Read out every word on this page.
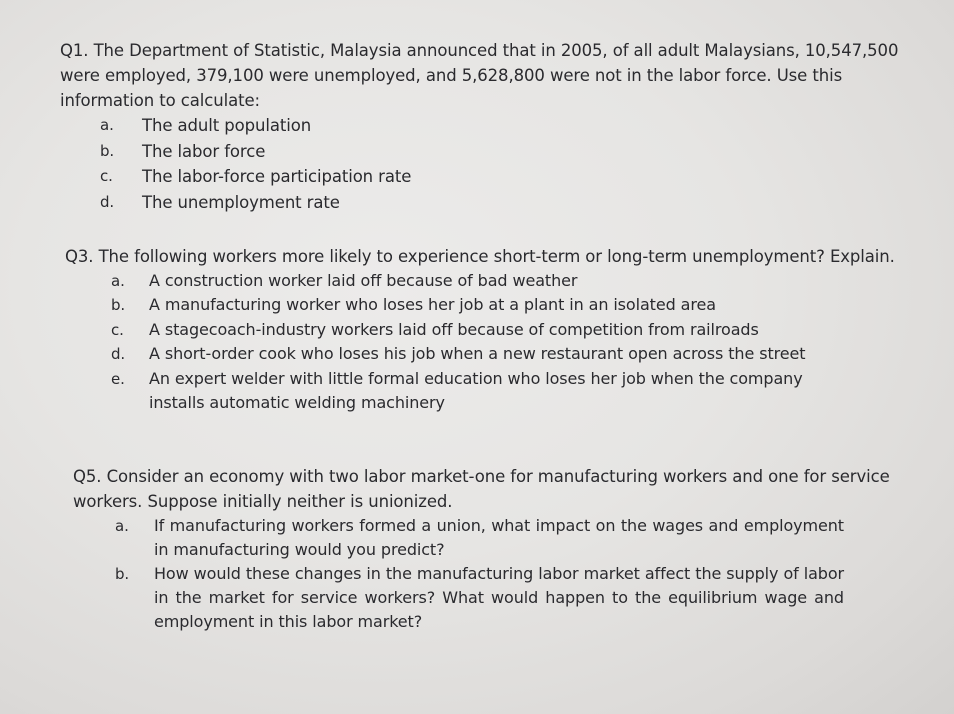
Q1. The Department of Statistic, Malaysia announced that in 2005, of all adult Malaysians, 10,547,500 were employed, 379,100 were unemployed, and 5,628,800 were not in the labor force. Use this information to calculate:

a.	The adult population
b.	The labor force
c.	The labor-force participation rate
d.	The unemployment rate

Q3. The following workers more likely to experience short-term or long-term unemployment? Explain.

a.	A construction worker laid off because of bad weather
b.	A manufacturing worker who loses her job at a plant in an isolated area
c.	A stagecoach-industry workers laid off because of competition from railroads
d.	A short-order cook who loses his job when a new restaurant open across the street
e.	An expert welder with little formal education who loses her job when the company installs automatic welding machinery

Q5. Consider an economy with two labor market-one for manufacturing workers and one for service workers. Suppose initially neither is unionized.

a.	If manufacturing workers formed a union, what impact on the wages and employment in manufacturing would you predict?
b.	How would these changes in the manufacturing labor market affect the supply of labor in the market for service workers? What would happen to the equilibrium wage and employment in this labor market?
